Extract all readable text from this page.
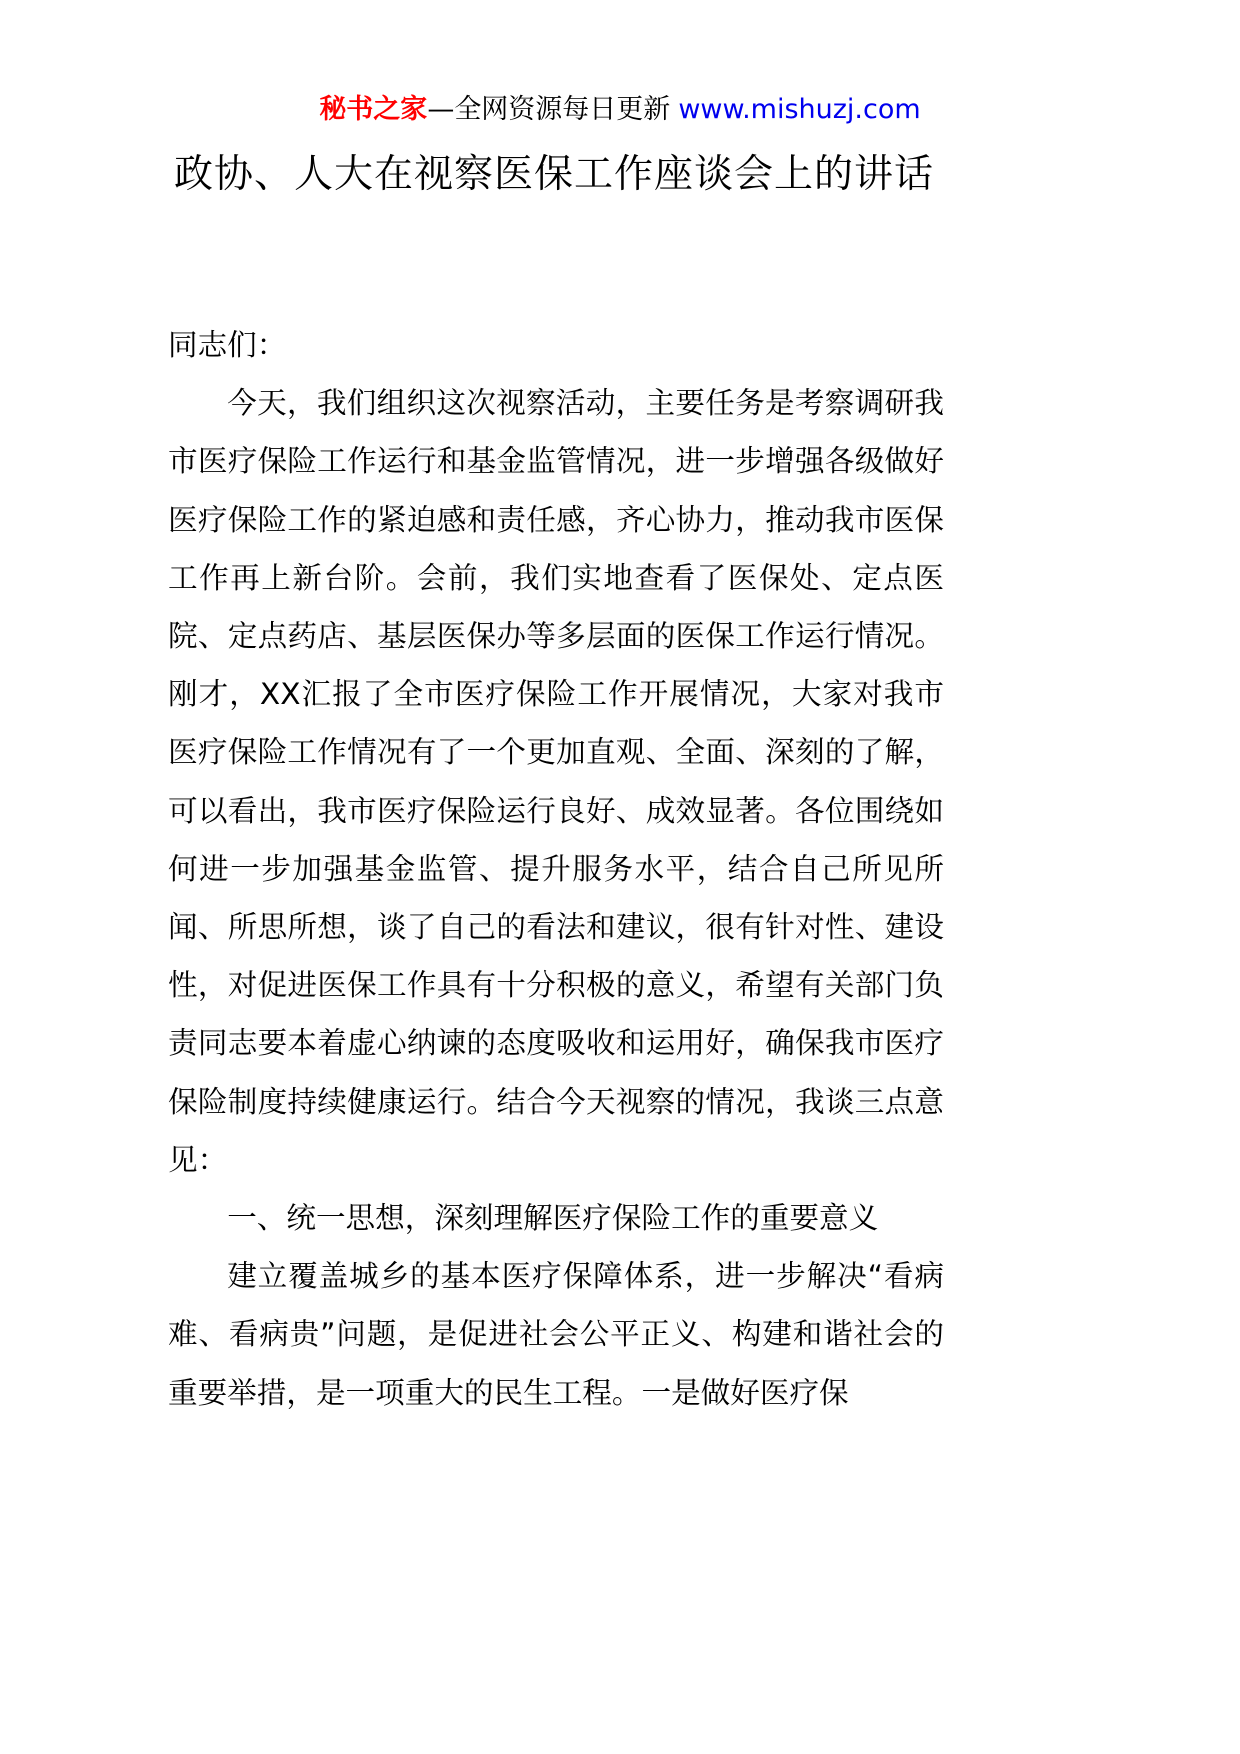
秘书之家—全网资源每日更新 www.mishuzj.com
政协、人大在视察医保工作座谈会上的讲话

同志们：

今天，我们组织这次视察活动，主要任务是考察调研我市医疗保险工作运行和基金监管情况，进一步增强各级做好医疗保险工作的紧迫感和责任感，齐心协力，推动我市医保工作再上新台阶。会前，我们实地查看了医保处、定点医院、定点药店、基层医保办等多层面的医保工作运行情况。刚才，XX汇报了全市医疗保险工作开展情况，大家对我市医疗保险工作情况有了一个更加直观、全面、深刻的了解，可以看出，我市医疗保险运行良好、成效显著。各位围绕如何进一步加强基金监管、提升服务水平，结合自己所见所闻、所思所想，谈了自己的看法和建议，很有针对性、建设性，对促进医保工作具有十分积极的意义，希望有关部门负责同志要本着虚心纳谏的态度吸收和运用好，确保我市医疗保险制度持续健康运行。结合今天视察的情况，我谈三点意见：

一、统一思想，深刻理解医疗保险工作的重要意义

建立覆盖城乡的基本医疗保障体系，进一步解决“看病难、看病贵”问题，是促进社会公平正义、构建和谐社会的重要举措，是一项重大的民生工程。一是做好医疗保
